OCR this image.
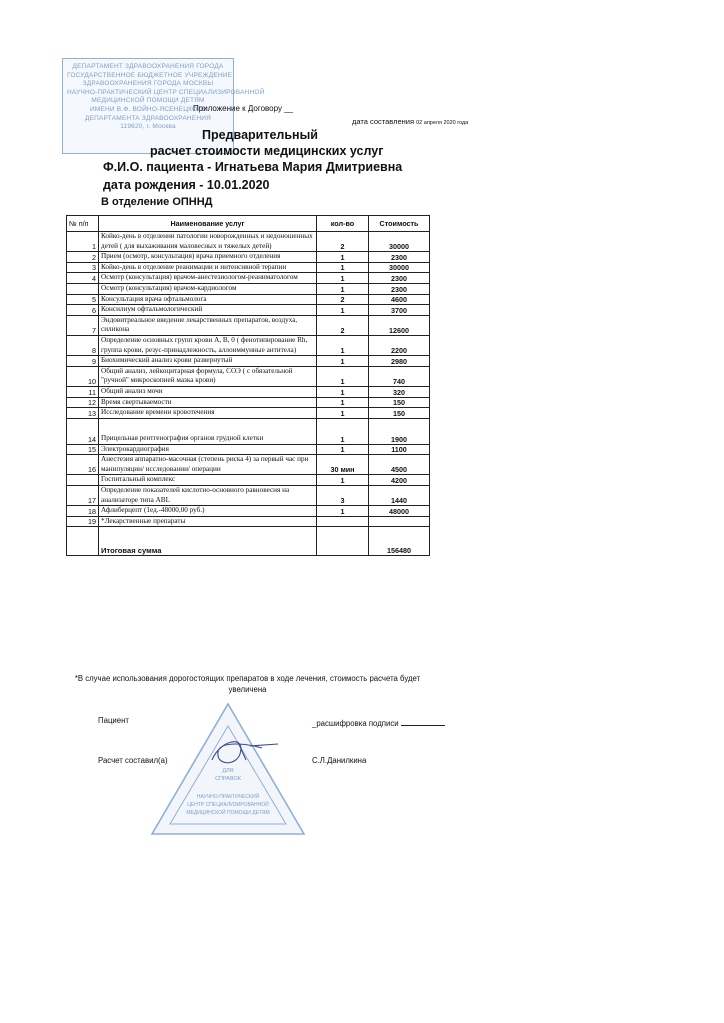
ДЕПАРТАМЕНТ ЗДРАВООХРАНЕНИЯ ГОРОДА
ГОСУДАРСТВЕННОЕ БЮДЖЕТНОЕ УЧРЕЖДЕНИЕ
ЗДРАВООХРАНЕНИЯ ГОРОДА МОСКВЫ
НАУЧНО-ПРАКТИЧЕСКИЙ ЦЕНТР СПЕЦИАЛИЗИРОВАННОЙ
МЕДИЦИНСКОЙ ПОМОЩИ ДЕТЯМ
ИМЕНИ В.Ф. ВОЙНО-ЯСЕНЕЦКОГО
ДЕПАРТАМЕНТА ЗДРАВООХРАНЕНИЯ
119620, г. Москва
Приложение к Договору __
дата составления 02 апреля 2020 года
Предварительный
расчет стоимости медицинских услуг
Ф.И.О. пациента - Игнатьева Мария Дмитриевна
дата рождения - 10.01.2020
В отделение ОПННД
№ п/п	Наименование услуг	кол-во	Стоимость
1	Койко-день в отделении патологии новорожденных и недоношенных детей ( для выхаживания маловесных и тяжелых детей)	2	30000
2	Прием (осмотр, консультация) врача приемного отделения	1	2300
3	Койко-день в отделение реанимации и интенсивной терапии	1	30000
4	Осмотр (консультация) врачом-анестезиологом-реаниматологом	1	2300
	Осмотр (консультация) врачом-кардиологом	1	2300
5	Консультация врача офтальмолога	2	4600
6	Консилиум офтальмологический	1	3700
7	Эндовитреальное введение лекарственных препаратов, воздуха, силикона	2	12600
8	Определение основных групп крови А, В, 0 ( фенотипирование Rh, группа крови, резус-принадлежность, аллоиммунные антитела)	1	2200
9	Биохимический анализ крови развернутый	1	2980
10	Общий анализ, лейкоцитарная формула, СОЭ ( с обязательной "ручной" микроскопией мазка крови)	1	740
11	Общий анализ мочи	1	320
12	Время свертываемости	1	150
13	Исследование времени кровотечения	1	150
14	Прицельная рентгенография органов грудной клетки	1	1900
15	Электрокардиография	1	1100
16	Анестезия аппаратно-масочная (степень риска 4) за первый час при манипуляции/ исследовании/ операции	30 мин	4500
	Госпитальный комплекс	1	4200
17	Определение показателей кислотно-основного равновесия на анализаторе типа ABL	3	1440
18	Афлиберцепт (1ед.-48000,00 руб.)	1	48000
19	*Лекарственные препараты		
	Итоговая сумма		156480
*В случае использования дорогостоящих препаратов в ходе лечения, стоимость расчета будет увеличена
Пациент	_расшифровка подписи
Расчет составил(а)	С.Л.Данилкина
ДЛЯ
СПРАВОК
НАУЧНО-ПРАКТИЧЕСКИЙ
ЦЕНТР СПЕЦИАЛИЗИРОВАННОЙ
МЕДИЦИНСКОЙ ПОМОЩИ ДЕТЯМ
